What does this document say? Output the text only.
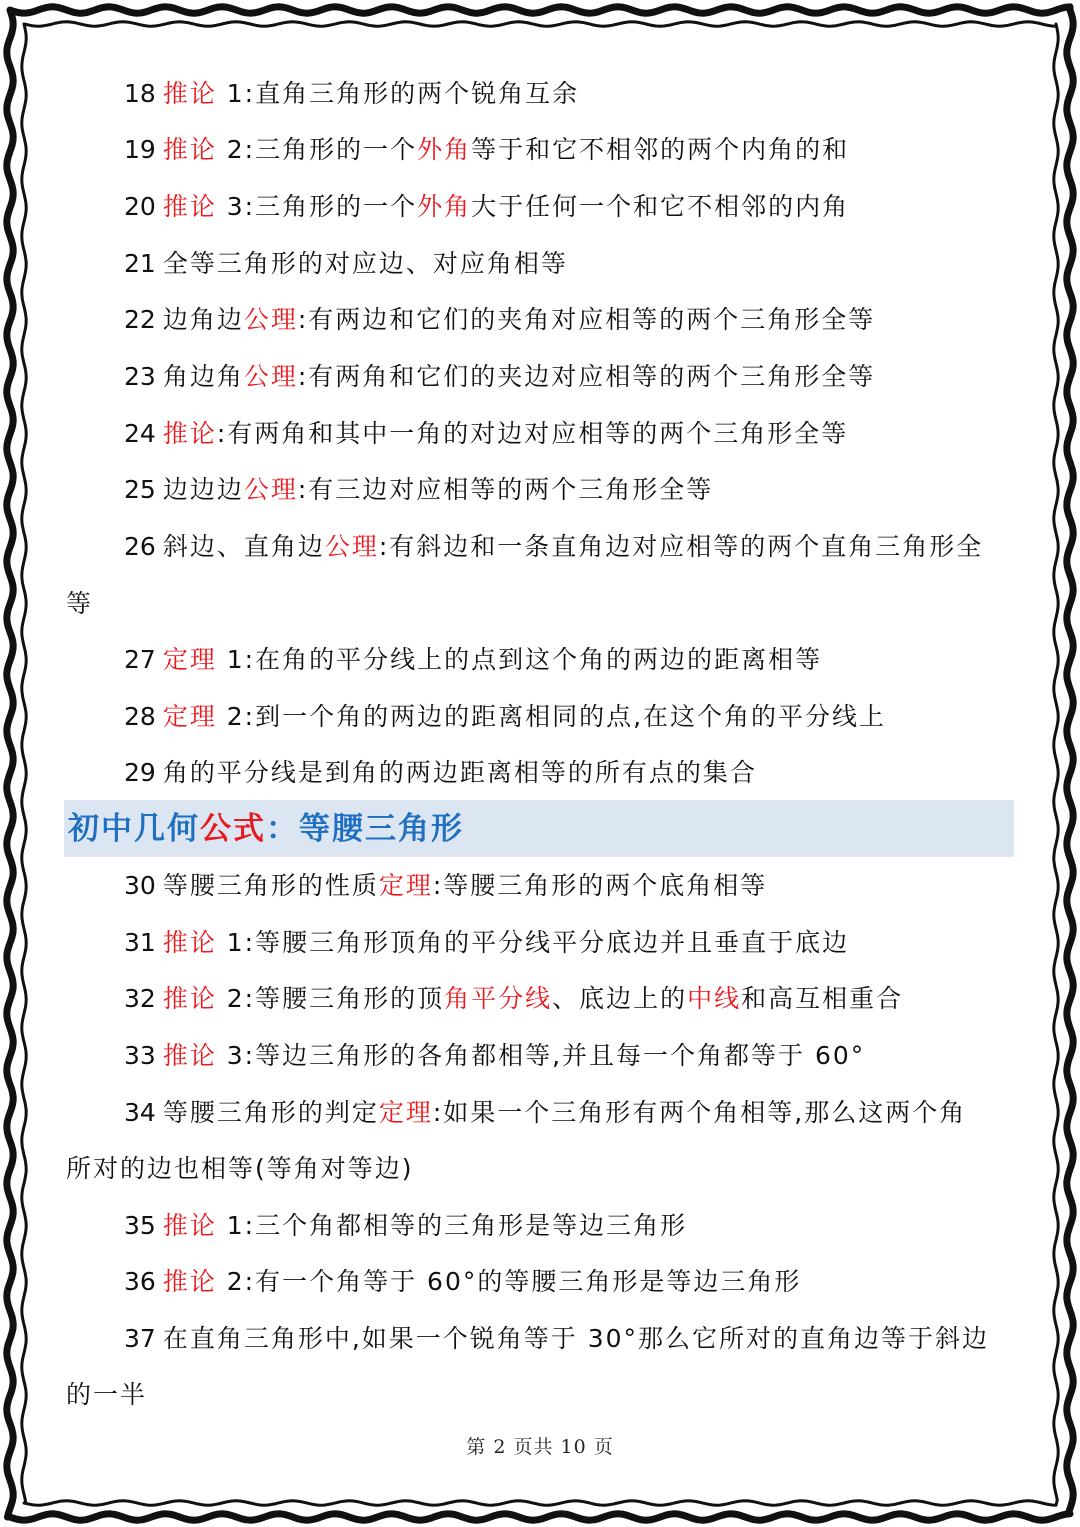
18 推论 1:直角三角形的两个锐角互余
19 推论 2:三角形的一个外角等于和它不相邻的两个内角的和
20 推论 3:三角形的一个外角大于任何一个和它不相邻的内角
21 全等三角形的对应边、对应角相等
22 边角边公理:有两边和它们的夹角对应相等的两个三角形全等
23 角边角公理:有两角和它们的夹边对应相等的两个三角形全等
24 推论:有两角和其中一角的对边对应相等的两个三角形全等
25 边边边公理:有三边对应相等的两个三角形全等
26 斜边、直角边公理:有斜边和一条直角边对应相等的两个直角三角形全
等
27 定理 1:在角的平分线上的点到这个角的两边的距离相等
28 定理 2:到一个角的两边的距离相同的点,在这个角的平分线上
29 角的平分线是到角的两边距离相等的所有点的集合
初中几何公式：等腰三角形
30 等腰三角形的性质定理:等腰三角形的两个底角相等
31 推论 1:等腰三角形顶角的平分线平分底边并且垂直于底边
32 推论 2:等腰三角形的顶角平分线、底边上的中线和高互相重合
33 推论 3:等边三角形的各角都相等,并且每一个角都等于 60°
34 等腰三角形的判定定理:如果一个三角形有两个角相等,那么这两个角
所对的边也相等(等角对等边)
35 推论 1:三个角都相等的三角形是等边三角形
36 推论 2:有一个角等于 60°的等腰三角形是等边三角形
37 在直角三角形中,如果一个锐角等于 30°那么它所对的直角边等于斜边
的一半
第 2 页共 10 页
